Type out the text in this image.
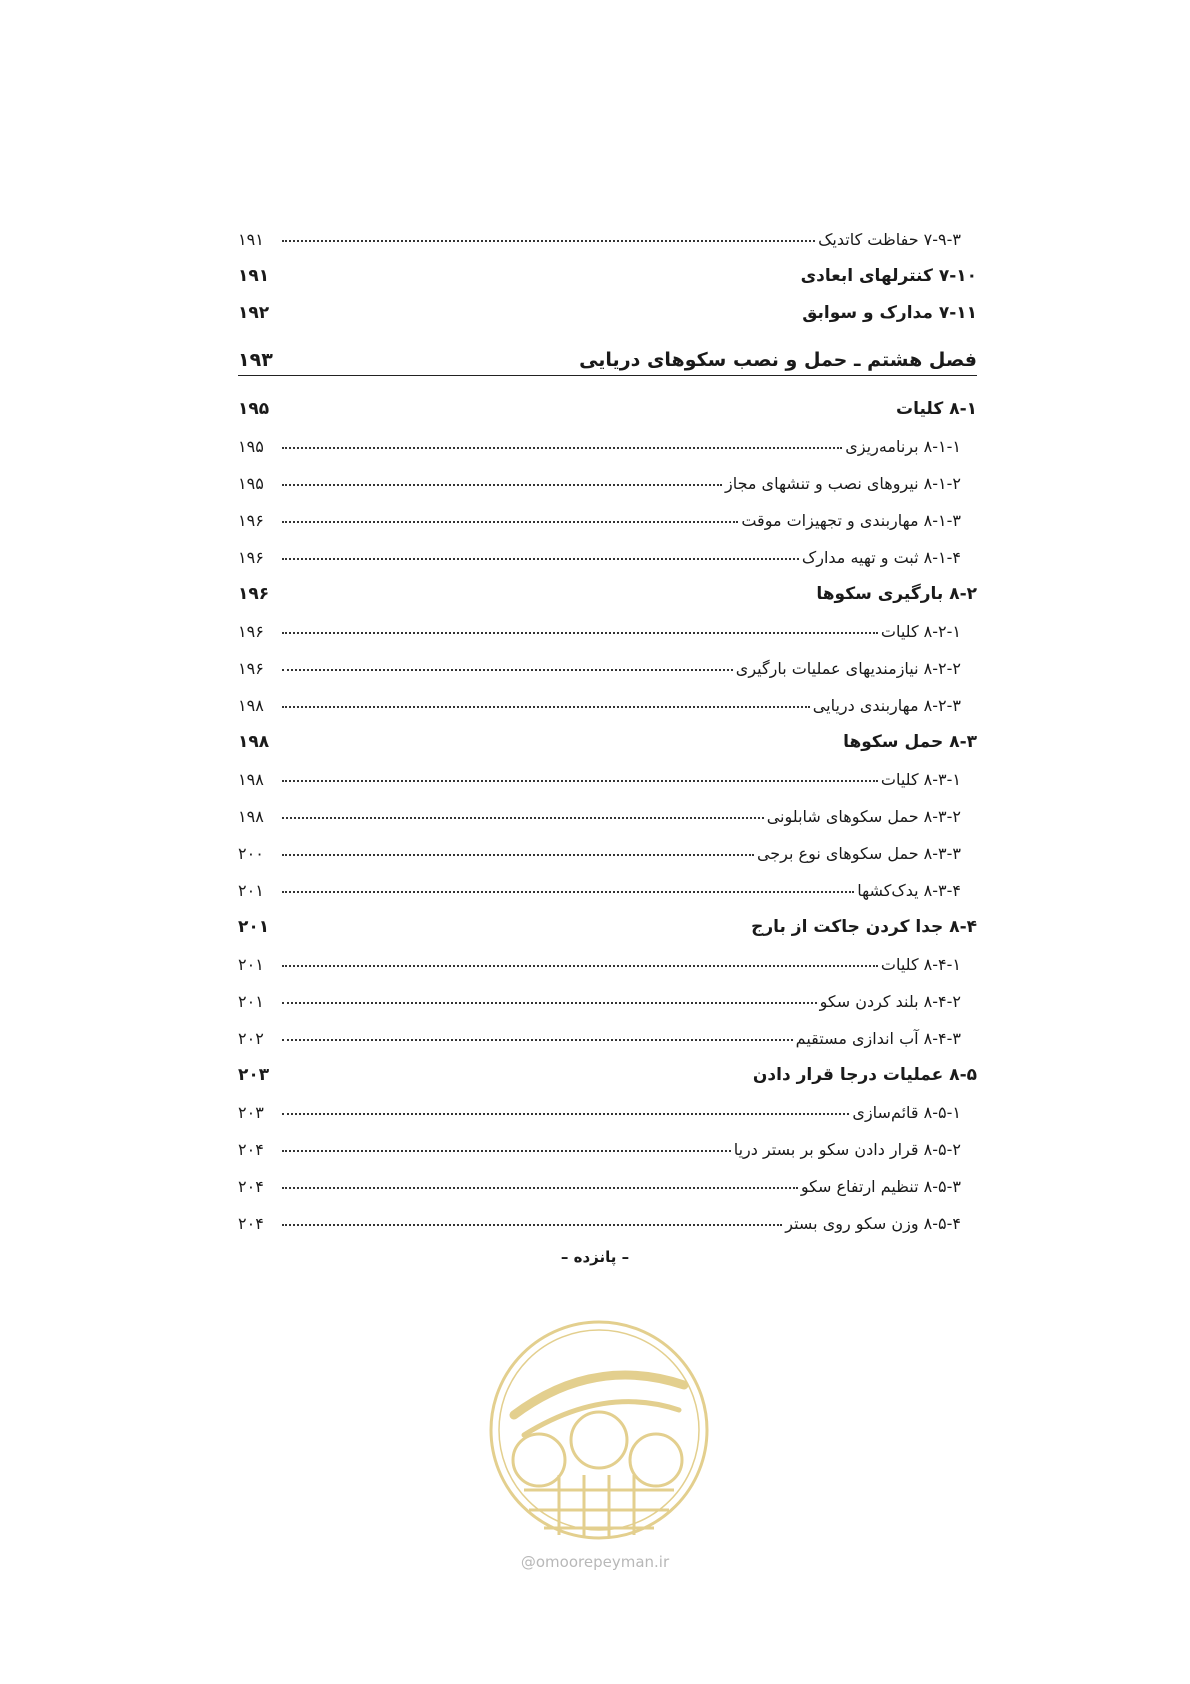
۷-۹-۳ حفاظت کاتدیک
۱۹۱
۷-۱۰ کنترلهای ابعادی
۱۹۱
۷-۱۱ مدارک و سوابق
۱۹۲
فصل هشتم ـ حمل و نصب سکوهای دریایی
۱۹۳
۸-۱ کلیات
۱۹۵
۸-۱-۱ برنامه‌ریزی
۱۹۵
۸-۱-۲ نیروهای نصب و تنشهای مجاز
۱۹۵
۸-۱-۳ مهاربندی و تجهیزات موقت
۱۹۶
۸-۱-۴ ثبت و تهیه مدارک
۱۹۶
۸-۲ بارگیری سکوها
۱۹۶
۸-۲-۱ کلیات
۱۹۶
۸-۲-۲ نیازمندیهای عملیات بارگیری
۱۹۶
۸-۲-۳ مهاربندی دریایی
۱۹۸
۸-۳ حمل سکوها
۱۹۸
۸-۳-۱ کلیات
۱۹۸
۸-۳-۲ حمل سکوهای شابلونی
۱۹۸
۸-۳-۳ حمل سکوهای نوع برجی
۲۰۰
۸-۳-۴ یدک‌کشها
۲۰۱
۸-۴ جدا کردن جاکت از بارج
۲۰۱
۸-۴-۱ کلیات
۲۰۱
۸-۴-۲ بلند کردن سکو
۲۰۱
۸-۴-۳ آب اندازی مستقیم
۲۰۲
۸-۵ عملیات درجا قرار دادن
۲۰۳
۸-۵-۱ قائم‌سازی
۲۰۳
۸-۵-۲ قرار دادن سکو بر بستر دریا
۲۰۴
۸-۵-۳ تنظیم ارتفاع سکو
۲۰۴
۸-۵-۴ وزن سکو روی بستر
۲۰۴
– پانزده –
@omoorepeyman.ir
